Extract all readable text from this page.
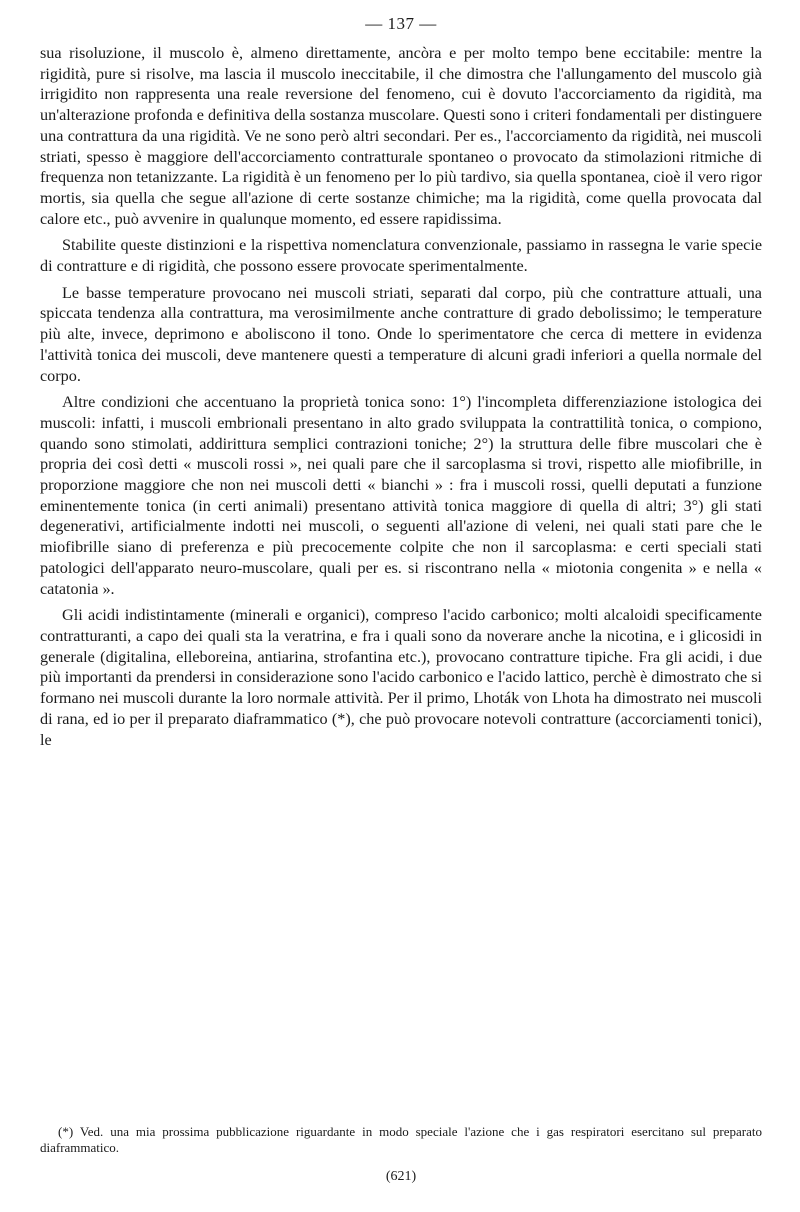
— 137 —

sua risoluzione, il muscolo è, almeno direttamente, ancòra e per molto tempo bene eccitabile: mentre la rigidità, pure si risolve, ma lascia il muscolo ineccitabile, il che dimostra che l'allungamento del muscolo già irrigidito non rappresenta una reale reversione del fenomeno, cui è dovuto l'accorciamento da rigidità, ma un'alterazione profonda e definitiva della sostanza muscolare. Questi sono i criteri fondamentali per distinguere una contrattura da una rigidità. Ve ne sono però altri secondari. Per es., l'accorciamento da rigidità, nei muscoli striati, spesso è maggiore dell'accorciamento contratturale spontaneo o provocato da stimolazioni ritmiche di frequenza non tetanizzante. La rigidità è un fenomeno per lo più tardivo, sia quella spontanea, cioè il vero rigor mortis, sia quella che segue all'azione di certe sostanze chimiche; ma la rigidità, come quella provocata dal calore etc., può avvenire in qualunque momento, ed essere rapidissima.

Stabilite queste distinzioni e la rispettiva nomenclatura convenzionale, passiamo in rassegna le varie specie di contratture e di rigidità, che possono essere provocate sperimentalmente.

Le basse temperature provocano nei muscoli striati, separati dal corpo, più che contratture attuali, una spiccata tendenza alla contrattura, ma verosimilmente anche contratture di grado debolissimo; le temperature più alte, invece, deprimono e aboliscono il tono. Onde lo sperimentatore che cerca di mettere in evidenza l'attività tonica dei muscoli, deve mantenere questi a temperature di alcuni gradi inferiori a quella normale del corpo.

Altre condizioni che accentuano la proprietà tonica sono: 1°) l'incompleta differenziazione istologica dei muscoli: infatti, i muscoli embrionali presentano in alto grado sviluppata la contrattilità tonica, o compiono, quando sono stimolati, addirittura semplici contrazioni toniche; 2°) la struttura delle fibre muscolari che è propria dei così detti « muscoli rossi », nei quali pare che il sarcoplasma si trovi, rispetto alle miofibrille, in proporzione maggiore che non nei muscoli detti « bianchi » : fra i muscoli rossi, quelli deputati a funzione eminentemente tonica (in certi animali) presentano attività tonica maggiore di quella di altri; 3°) gli stati degenerativi, artificialmente indotti nei muscoli, o seguenti all'azione di veleni, nei quali stati pare che le miofibrille siano di preferenza e più precocemente colpite che non il sarcoplasma: e certi speciali stati patologici dell'apparato neuro-muscolare, quali per es. si riscontrano nella « miotonia congenita » e nella « catatonia ».

Gli acidi indistintamente (minerali e organici), compreso l'acido carbonico; molti alcaloidi specificamente contratturanti, a capo dei quali sta la veratrina, e fra i quali sono da noverare anche la nicotina, e i glicosidi in generale (digitalina, elleboreina, antiarina, strofantina etc.), provocano contratture tipiche. Fra gli acidi, i due più importanti da prendersi in considerazione sono l'acido carbonico e l'acido lattico, perchè è dimostrato che si formano nei muscoli durante la loro normale attività. Per il primo, Lhoták von Lhota ha dimostrato nei muscoli di rana, ed io per il preparato diaframmatico (*), che può provocare notevoli contratture (accorciamenti tonici), le

(*) Ved. una mia prossima pubblicazione riguardante in modo speciale l'azione che i gas respiratori esercitano sul preparato diaframmatico.
(621)
